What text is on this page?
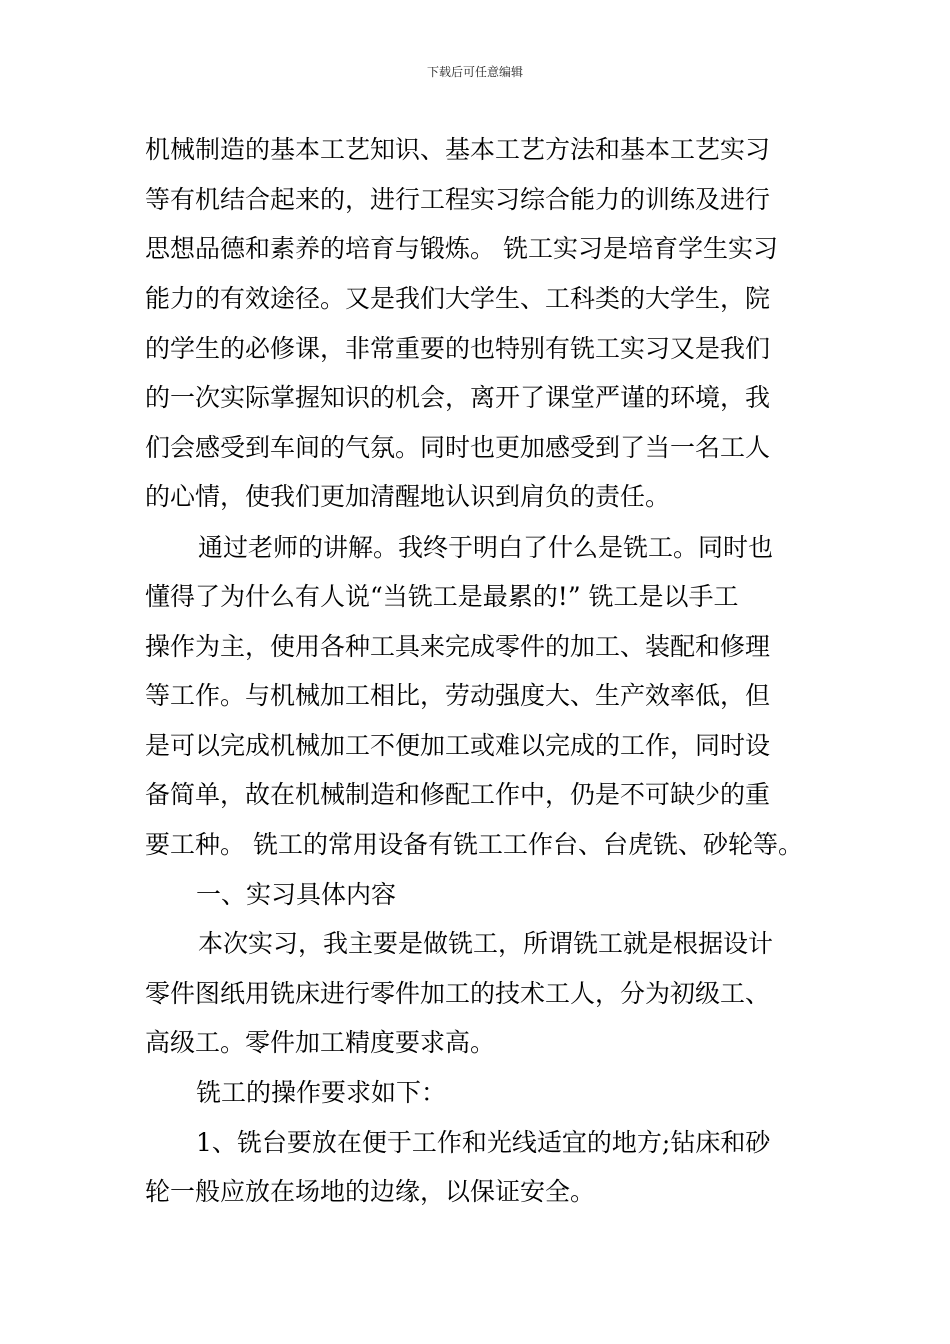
下载后可任意编辑
机械制造的基本工艺知识、基本工艺方法和基本工艺实习
等有机结合起来的，进行工程实习综合能力的训练及进行
思想品德和素养的培育与锻炼。 铣工实习是培育学生实习
能力的有效途径。又是我们大学生、工科类的大学生，院
的学生的必修课，非常重要的也特别有铣工实习又是我们
的一次实际掌握知识的机会，离开了课堂严谨的环境，我
们会感受到车间的气氛。同时也更加感受到了当一名工人
的心情，使我们更加清醒地认识到肩负的责任。
通过老师的讲解。我终于明白了什么是铣工。同时也
懂得了为什么有人说“当铣工是最累的!” 铣工是以手工
操作为主，使用各种工具来完成零件的加工、装配和修理
等工作。与机械加工相比，劳动强度大、生产效率低，但
是可以完成机械加工不便加工或难以完成的工作，同时设
备简单，故在机械制造和修配工作中，仍是不可缺少的重
要工种。 铣工的常用设备有铣工工作台、台虎铣、砂轮等。
一、实习具体内容
本次实习，我主要是做铣工，所谓铣工就是根据设计
零件图纸用铣床进行零件加工的技术工人，分为初级工、
高级工。零件加工精度要求高。
铣工的操作要求如下：
1、铣台要放在便于工作和光线适宜的地方;钻床和砂
轮一般应放在场地的边缘，以保证安全。
